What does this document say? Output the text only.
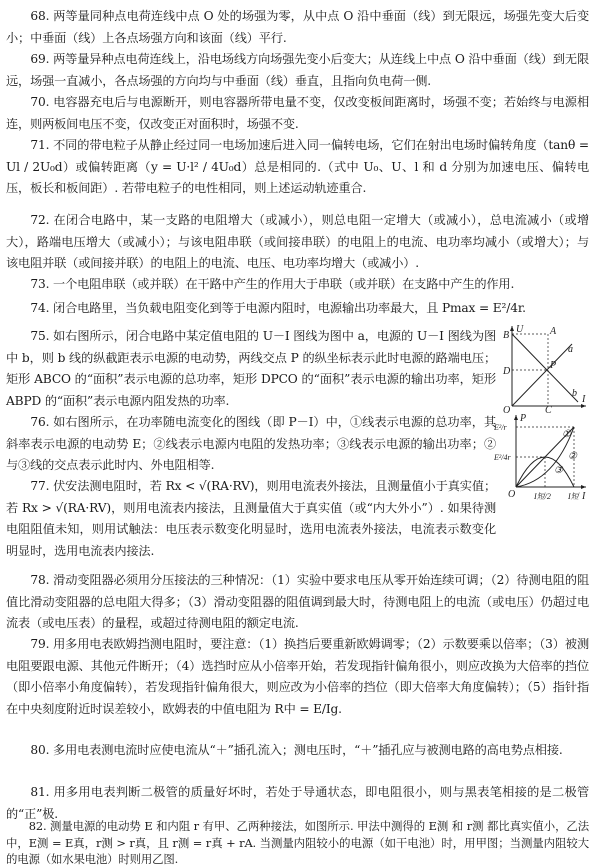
68. 两等量同种点电荷连线中点 O 处的场强为零，从中点 O 沿中垂面（线）到无限远，场强先变大后变小；中垂面（线）上各点场强方向和该面（线）平行.
69. 两等量异种点电荷连线上，沿电场线方向场强先变小后变大；从连线上中点 O 沿中垂面（线）到无限远，场强一直减小，各点场强的方向均与中垂面（线）垂直，且指向负电荷一侧.
70. 电容器充电后与电源断开，则电容器所带电量不变，仅改变板间距离时，场强不变；若始终与电源相连，则两板间电压不变，仅改变正对面积时，场强不变.
71. 不同的带电粒子从静止经过同一电场加速后进入同一偏转电场，它们在射出电场时偏转角度（tanθ = Ul / 2U₀d）或偏转距离（y = U·l² / 4U₀d）总是相同的.（式中 U₀、U、l 和 d 分别为加速电压、偏转电压，板长和板间距）. 若带电粒子的电性相同，则上述运动轨迹重合.
72. 在闭合电路中，某一支路的电阻增大（或减小），则总电阻一定增大（或减小），总电流减小（或增大），路端电压增大（或减小）；与该电阻串联（或间接串联）的电阻上的电流、电功率均减小（或增大）；与该电阻并联（或间接并联）的电阻上的电流、电压、电功率均增大（或减小）.
73. 一个电阻串联（或并联）在干路中产生的作用大于串联（或并联）在支路中产生的作用.
74. 闭合电路里，当负载电阻变化到等于电源内阻时，电源输出功率最大，且 Pmax = E²/4r.
75. 如右图所示，闭合电路中某定值电阻的 U－I 图线为图中 a，电源的 U－I 图线为图中 b，则 b 线的纵截距表示电源的电动势，两线交点 P 的纵坐标表示此时电源的路端电压；矩形 ABCO 的“面积”表示电源的总功率，矩形 DPCO 的“面积”表示电源的输出功率，矩形 ABPD 的“面积”表示电源内阻发热的功率.
U
I
B	A
D
P
a
b
O	C
76. 如右图所示，在功率随电流变化的图线（即 P－I）中，①线表示电源的总功率，其斜率表示电源的电动势 E；②线表示电源内电阻的发热功率；③线表示电源的输出功率；②与③线的交点表示此时内、外电阻相等.
P
I
E²/r
E²/4r
I短/2 I短
①
②
③
O
77. 伏安法测电阻时，若 Rx < √(RA·RV)，则用电流表外接法，且测量值小于真实值；若 Rx > √(RA·RV)，则用电流表内接法，且测量值大于真实值（或“内大外小”）. 如果待测电阻阻值未知，则用试触法：电压表示数变化明显时，选用电流表外接法，电流表示数变化明显时，选用电流表内接法.
78. 滑动变阻器必须用分压接法的三种情况：（1）实验中要求电压从零开始连续可调；（2）待测电阻的阻值比滑动变阻器的总电阻大得多；（3）滑动变阻器的阻值调到最大时，待测电阻上的电流（或电压）仍超过电流表（或电压表）的量程，或超过待测电阻的额定电流.
79. 用多用电表欧姆挡测电阻时，要注意：（1）换挡后要重新欧姆调零；（2）示数要乘以倍率；（3）被测电阻要跟电源、其他元件断开；（4）选挡时应从小倍率开始，若发现指针偏角很小，则应改换为大倍率的挡位（即小倍率小角度偏转），若发现指针偏角很大，则应改为小倍率的挡位（即大倍率大角度偏转）；（5）指针指在中央刻度附近时误差较小，欧姆表的中值电阻为 R中 = E/Ig.
80. 多用电表测电流时应使电流从“＋”插孔流入；测电压时，“＋”插孔应与被测电路的高电势点相接.
81. 用多用电表判断二极管的质量好坏时，若处于导通状态，即电阻很小，则与黑表笔相接的是二极管的“正”极.
82. 测量电源的电动势 E 和内阻 r 有甲、乙两种接法，如图所示. 甲法中测得的 E测 和 r测 都比真实值小，乙法中，E测 = E真，r测 > r真，且 r测 = r真 + rA. 当测量内阻较小的电源（如干电池）时，用甲图；当测量内阻较大的电源（如水果电池）时则用乙图.
